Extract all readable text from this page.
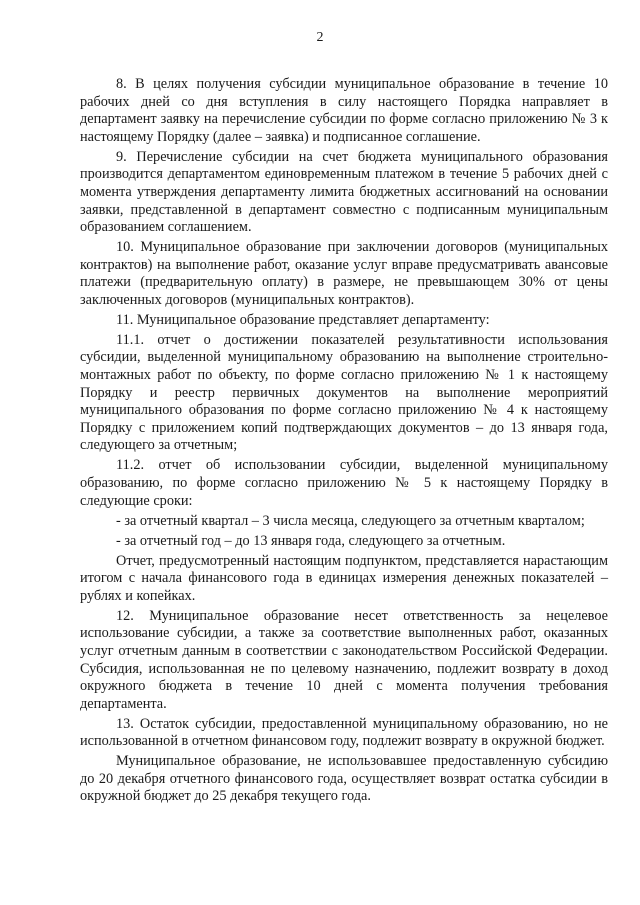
2

8. В целях получения субсидии муниципальное образование в течение 10 рабочих дней со дня вступления в силу настоящего Порядка направляет в департамент заявку на перечисление субсидии по форме согласно приложению № 3 к настоящему Порядку (далее – заявка) и подписанное соглашение.

9. Перечисление субсидии на счет бюджета муниципального образования производится департаментом единовременным платежом в течение 5 рабочих дней с момента утверждения департаменту лимита бюджетных ассигнований на основании заявки, представленной в департамент совместно с подписанным муниципальным образованием соглашением.

10. Муниципальное образование при заключении договоров (муниципальных контрактов) на выполнение работ, оказание услуг вправе предусматривать авансовые платежи (предварительную оплату) в размере, не превышающем 30% от цены заключенных договоров (муниципальных контрактов).

11. Муниципальное образование представляет департаменту:

11.1. отчет о достижении показателей результативности использования субсидии, выделенной муниципальному образованию на выполнение строительно-монтажных работ по объекту, по форме согласно приложению № 1 к настоящему Порядку и реестр первичных документов на выполнение мероприятий муниципального образования по форме согласно приложению № 4 к настоящему Порядку с приложением копий подтверждающих документов – до 13 января года, следующего за отчетным;

11.2. отчет об использовании субсидии, выделенной муниципальному образованию, по форме согласно приложению № 5 к настоящему Порядку в следующие сроки:

- за отчетный квартал – 3 числа месяца, следующего за отчетным кварталом;

- за отчетный год – до 13 января года, следующего за отчетным.

Отчет, предусмотренный настоящим подпунктом, представляется нарастающим итогом с начала финансового года в единицах измерения денежных показателей – рублях и копейках.

12. Муниципальное образование несет ответственность за нецелевое использование субсидии, а также за соответствие выполненных работ, оказанных услуг отчетным данным в соответствии с законодательством Российской Федерации. Субсидия, использованная не по целевому назначению, подлежит возврату в доход окружного бюджета в течение 10 дней с момента получения требования департамента.

13. Остаток субсидии, предоставленной муниципальному образованию, но не использованной в отчетном финансовом году, подлежит возврату в окружной бюджет.

Муниципальное образование, не использовавшее предоставленную субсидию до 20 декабря отчетного финансового года, осуществляет возврат остатка субсидии в окружной бюджет до 25 декабря текущего года.
